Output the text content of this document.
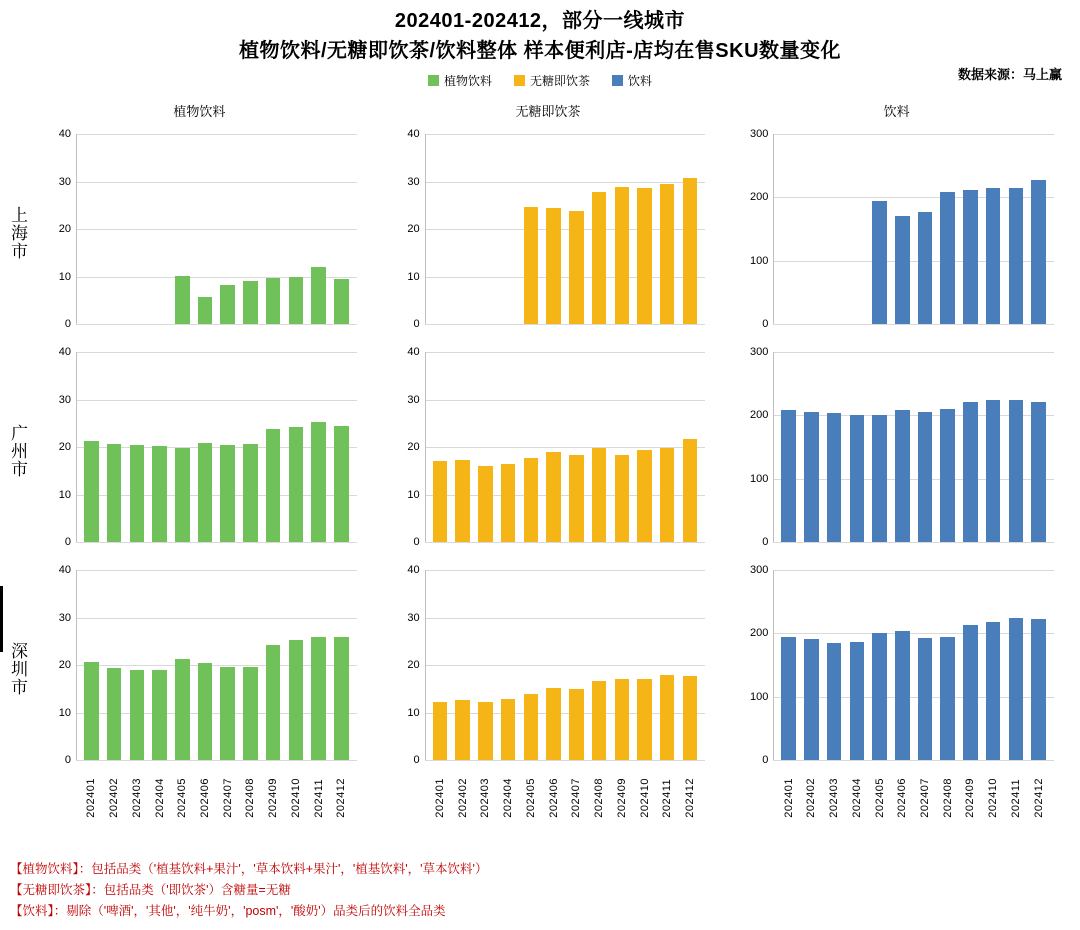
202401-202412，部分一线城市
植物饮料/无糖即饮茶/饮料整体 样本便利店-店均在售SKU数量变化
数据来源：马上赢
植物饮料	无糖即饮茶	饮料
植物饮料	无糖即饮茶	饮料
上海市
0
10
20
30
40
0
10
20
30
40
0
100
200
300
广州市
0
10
20
30
40
0
10
20
30
40
0
100
200
300
深圳市
0
10
20
30
40
0
10
20
30
40
0
100
200
300
202401 202402 202403 202404 202405 202406 202407 202408 202409 202410 202411 202412	202401 202402 202403 202404 202405 202406 202407 202408 202409 202410 202411 202412	202401 202402 202403 202404 202405 202406 202407 202408 202409 202410 202411 202412
【植物饮料】：包括品类（'植基饮料+果汁'，'草本饮料+果汁'，'植基饮料'，'草本饮料'）
【无糖即饮茶】：包括品类（'即饮茶'）含糖量=无糖
【饮料】：剔除（'啤酒'，'其他'，'纯牛奶'，'posm'，'酸奶'）品类后的饮料全品类
